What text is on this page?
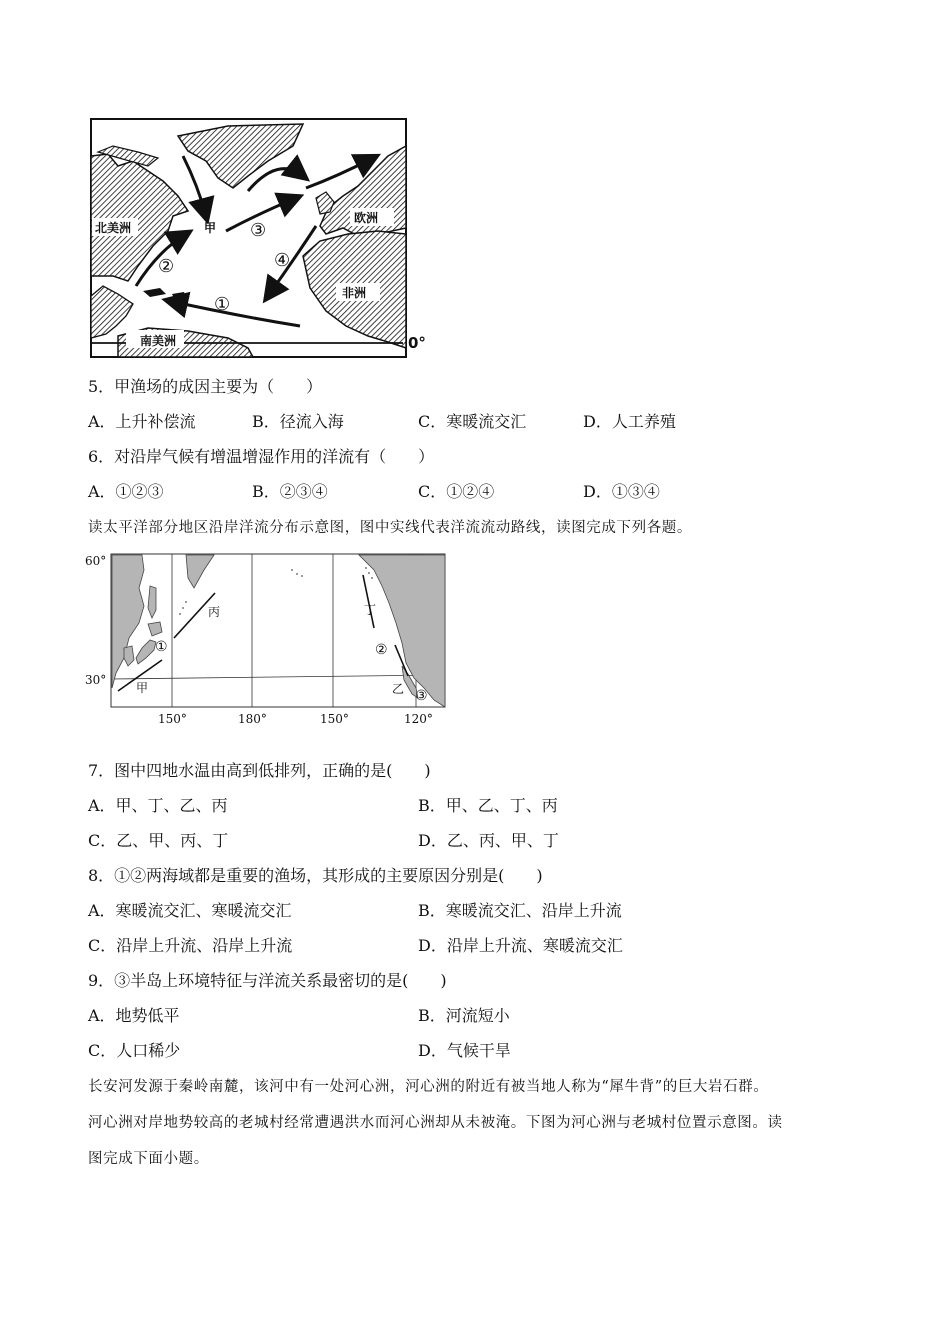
北美洲
欧洲
非洲
南美洲
甲
0°
①
②
③
④
5．甲渔场的成因主要为（　　）
A．上升补偿流	B．径流入海	C．寒暖流交汇	D．人工养殖
6．对沿岸气候有增温增湿作用的洋流有（　　）
A．①②③	B．②③④	C．①②④	D．①③④
读太平洋部分地区沿岸洋流分布示意图，图中实线代表洋流流动路线，读图完成下列各题。
60°
30°
150°	180°	150°	120°
甲
丙	丁
乙
①	②
③
7．图中四地水温由高到低排列，正确的是(　　)
A．甲、丁、乙、丙	B．甲、乙、丁、丙
C．乙、甲、丙、丁	D．乙、丙、甲、丁
8．①②两海域都是重要的渔场，其形成的主要原因分别是(　　)
A．寒暖流交汇、寒暖流交汇	B．寒暖流交汇、沿岸上升流
C．沿岸上升流、沿岸上升流	D．沿岸上升流、寒暖流交汇
9．③半岛上环境特征与洋流关系最密切的是(　　)
A．地势低平	B．河流短小
C．人口稀少	D．气候干旱
长安河发源于秦岭南麓，该河中有一处河心洲，河心洲的附近有被当地人称为“犀牛背”的巨大岩石群。
河心洲对岸地势较高的老城村经常遭遇洪水而河心洲却从未被淹。下图为河心洲与老城村位置示意图。读
图完成下面小题。
